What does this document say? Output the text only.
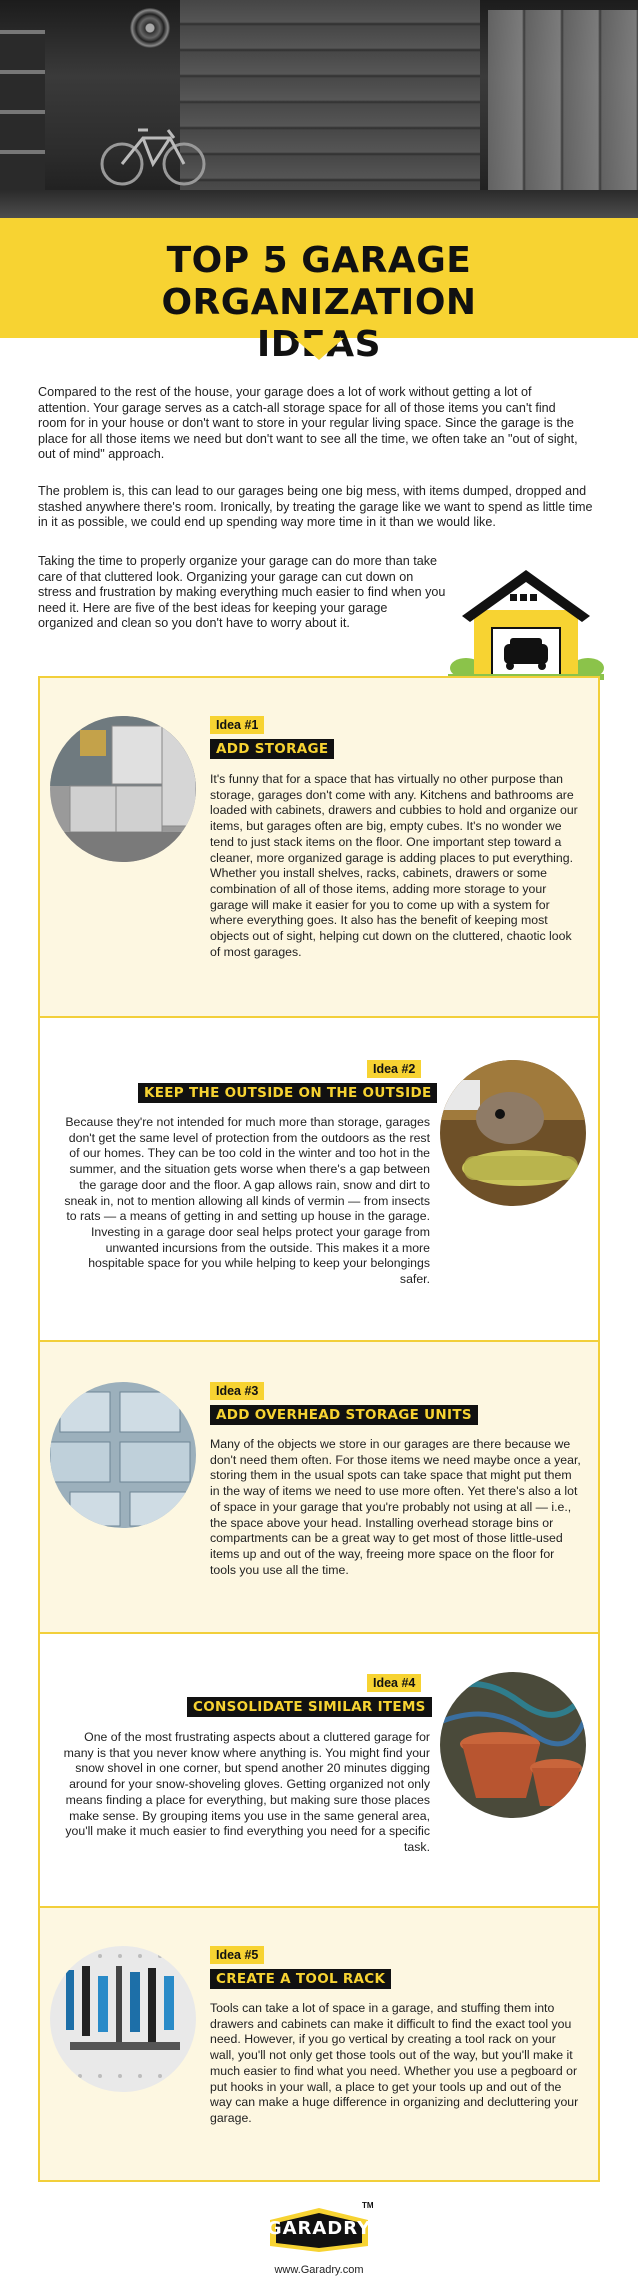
TOP 5 GARAGE ORGANIZATION IDEAS

Compared to the rest of the house, your garage does a lot of work without getting a lot of attention. Your garage serves as a catch-all storage space for all of those items you can't find room for in your house or don't want to store in your regular living space. Since the garage is the place for all those items we need but don't want to see all the time, we often take an "out of sight, out of mind" approach.

The problem is, this can lead to our garages being one big mess, with items dumped, dropped and stashed anywhere there's room. Ironically, by treating the garage like we want to spend as little time in it as possible, we could end up spending way more time in it than we would like.

Taking the time to properly organize your garage can do more than take care of that cluttered look. Organizing your garage can cut down on stress and frustration by making everything much easier to find when you need it. Here are five of the best ideas for keeping your garage organized and clean so you don't have to worry about it.

Idea #1
ADD STORAGE
It's funny that for a space that has virtually no other purpose than storage, garages don't come with any. Kitchens and bathrooms are loaded with cabinets, drawers and cubbies to hold and organize our items, but garages often are big, empty cubes. It's no wonder we tend to just stack items on the floor. One important step toward a cleaner, more organized garage is adding places to put everything. Whether you install shelves, racks, cabinets, drawers or some combination of all of those items, adding more storage to your garage will make it easier for you to come up with a system for where everything goes. It also has the benefit of keeping most objects out of sight, helping cut down on the cluttered, chaotic look of most garages.
Idea #2
KEEP THE OUTSIDE ON THE OUTSIDE
Because they're not intended for much more than storage, garages don't get the same level of protection from the outdoors as the rest of our homes. They can be too cold in the winter and too hot in the summer, and the situation gets worse when there's a gap between the garage door and the floor. A gap allows rain, snow and dirt to sneak in, not to mention allowing all kinds of vermin — from insects to rats — a means of getting in and setting up house in the garage. Investing in a garage door seal helps protect your garage from unwanted incursions from the outside. This makes it a more hospitable space for you while helping to keep your belongings safer.
Idea #3
ADD OVERHEAD STORAGE UNITS
Many of the objects we store in our garages are there because we don't need them often. For those items we need maybe once a year, storing them in the usual spots can take space that might put them in the way of items we need to use more often. Yet there's also a lot of space in your garage that you're probably not using at all — i.e., the space above your head. Installing overhead storage bins or compartments can be a great way to get most of those little-used items up and out of the way, freeing more space on the floor for tools you use all the time.
Idea #4
CONSOLIDATE SIMILAR ITEMS
One of the most frustrating aspects about a cluttered garage for many is that you never know where anything is. You might find your snow shovel in one corner, but spend another 20 minutes digging around for your snow-shoveling gloves. Getting organized not only means finding a place for everything, but making sure those places make sense. By grouping items you use in the same general area, you'll make it much easier to find everything you need for a specific task.
Idea #5
CREATE A TOOL RACK
Tools can take a lot of space in a garage, and stuffing them into drawers and cabinets can make it difficult to find the exact tool you need. However, if you go vertical by creating a tool rack on your wall, you'll not only get those tools out of the way, but you'll make it much easier to find what you need. Whether you use a pegboard or put hooks in your wall, a place to get your tools up and out of the way can make a huge difference in organizing and decluttering your garage.
GARADRY
TM
www.Garadry.com
